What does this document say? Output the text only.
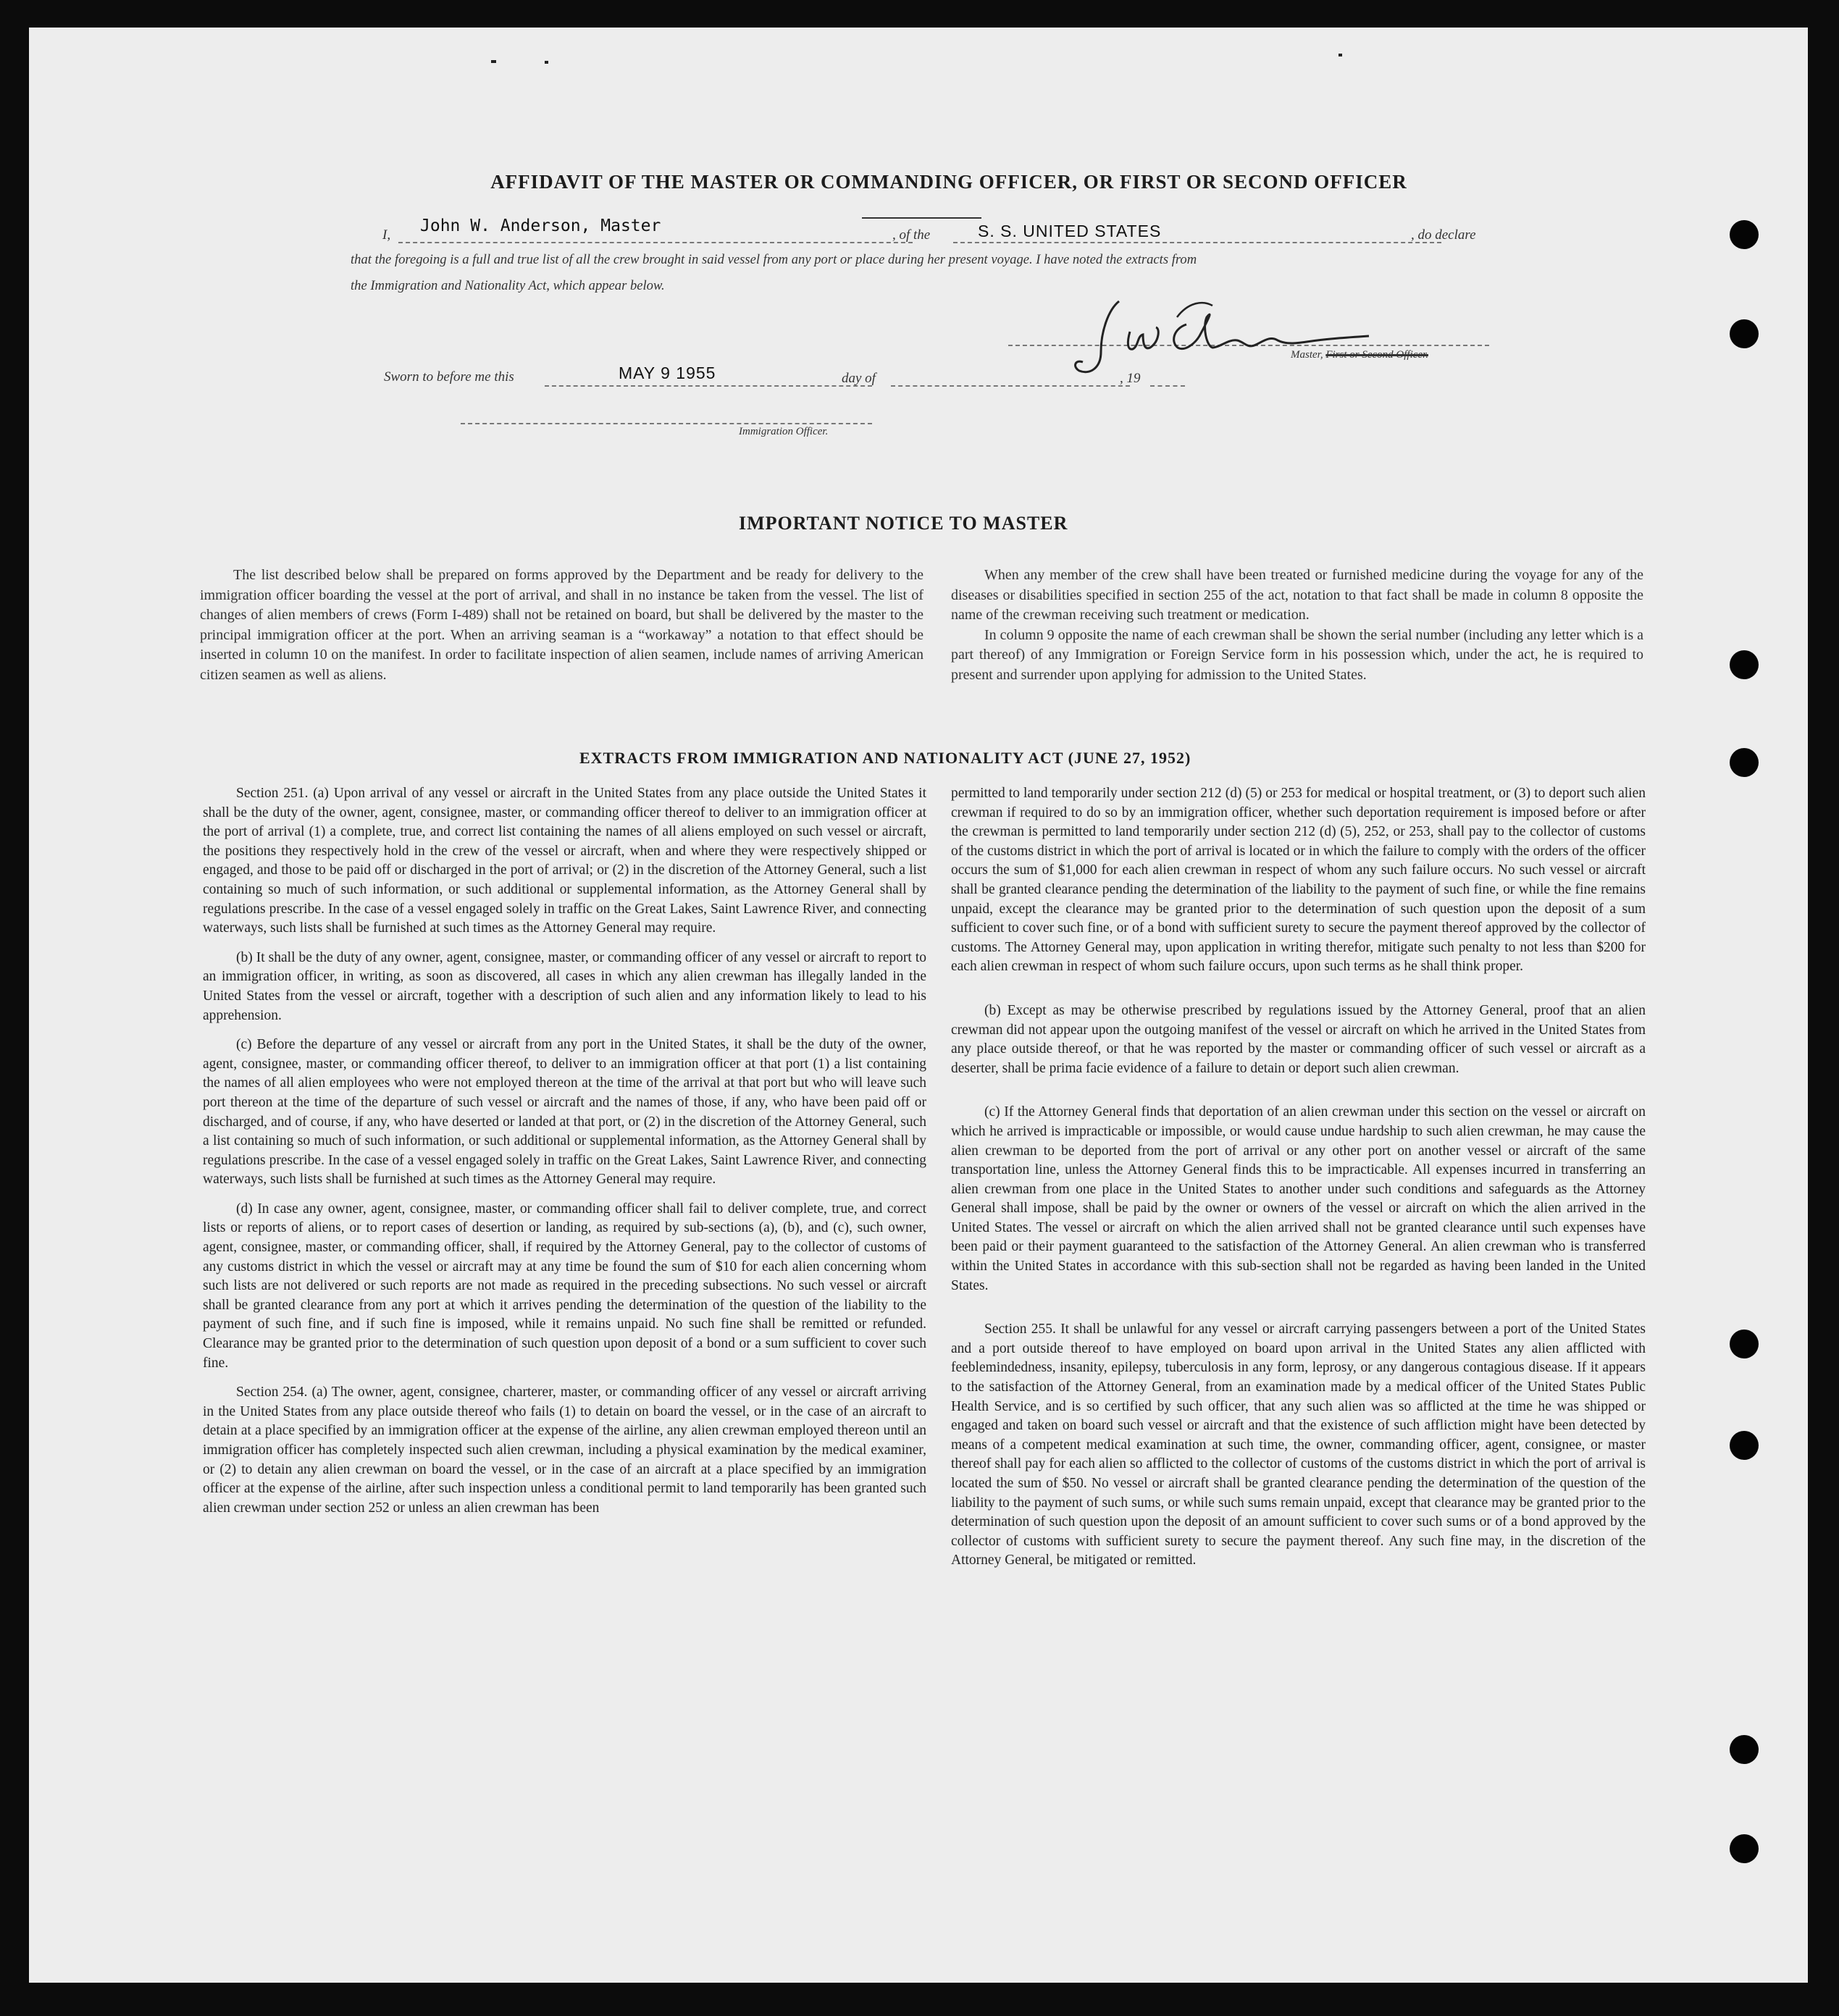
AFFIDAVIT OF THE MASTER OR COMMANDING OFFICER, OR FIRST OR SECOND OFFICER
I, John W. Anderson, Master	, of the	S. S. UNITED STATES	, do declare
that the foregoing is a full and true list of all the crew brought in said vessel from any port or place during her present voyage. I have noted the extracts from
the Immigration and Nationality Act, which appear below.
Master, First or Second Officer.
Sworn to before me this	MAY 9 1955	day of	, 19
Immigration Officer.
IMPORTANT NOTICE TO MASTER

The list described below shall be prepared on forms approved by the Department and be ready for delivery to the immigration officer boarding the vessel at the port of arrival, and shall in no instance be taken from the vessel. The list of changes of alien members of crews (Form I-489) shall not be retained on board, but shall be delivered by the master to the principal immigration officer at the port. When an arriving seaman is a “workaway” a notation to that effect should be inserted in column 10 on the manifest. In order to facilitate inspection of alien seamen, include names of arriving American citizen seamen as well as aliens.

When any member of the crew shall have been treated or furnished medicine during the voyage for any of the diseases or disabilities specified in section 255 of the act, notation to that fact shall be made in column 8 opposite the name of the crewman receiving such treatment or medication.

In column 9 opposite the name of each crewman shall be shown the serial number (including any letter which is a part thereof) of any Immigration or Foreign Service form in his possession which, under the act, he is required to present and surrender upon applying for admission to the United States.

EXTRACTS FROM IMMIGRATION AND NATIONALITY ACT (JUNE 27, 1952)

Section 251. (a) Upon arrival of any vessel or aircraft in the United States from any place outside the United States it shall be the duty of the owner, agent, consignee, master, or commanding officer thereof to deliver to an immigration officer at the port of arrival (1) a complete, true, and correct list containing the names of all aliens employed on such vessel or aircraft, the positions they respectively hold in the crew of the vessel or aircraft, when and where they were respectively shipped or engaged, and those to be paid off or discharged in the port of arrival; or (2) in the discretion of the Attorney General, such a list containing so much of such information, or such additional or supplemental information, as the Attorney General shall by regulations prescribe. In the case of a vessel engaged solely in traffic on the Great Lakes, Saint Lawrence River, and connecting waterways, such lists shall be furnished at such times as the Attorney General may require.

(b) It shall be the duty of any owner, agent, consignee, master, or commanding officer of any vessel or aircraft to report to an immigration officer, in writing, as soon as discovered, all cases in which any alien crewman has illegally landed in the United States from the vessel or aircraft, together with a description of such alien and any information likely to lead to his apprehension.

(c) Before the departure of any vessel or aircraft from any port in the United States, it shall be the duty of the owner, agent, consignee, master, or commanding officer thereof, to deliver to an immigration officer at that port (1) a list containing the names of all alien employees who were not employed thereon at the time of the arrival at that port but who will leave such port thereon at the time of the departure of such vessel or aircraft and the names of those, if any, who have been paid off or discharged, and of course, if any, who have deserted or landed at that port, or (2) in the discretion of the Attorney General, such a list containing so much of such information, or such additional or supplemental information, as the Attorney General shall by regulations prescribe. In the case of a vessel engaged solely in traffic on the Great Lakes, Saint Lawrence River, and connecting waterways, such lists shall be furnished at such times as the Attorney General may require.

(d) In case any owner, agent, consignee, master, or commanding officer shall fail to deliver complete, true, and correct lists or reports of aliens, or to report cases of desertion or landing, as required by sub-sections (a), (b), and (c), such owner, agent, consignee, master, or commanding officer, shall, if required by the Attorney General, pay to the collector of customs of any customs district in which the vessel or aircraft may at any time be found the sum of $10 for each alien concerning whom such lists are not delivered or such reports are not made as required in the preceding subsections. No such vessel or aircraft shall be granted clearance from any port at which it arrives pending the determination of the question of the liability to the payment of such fine, and if such fine is imposed, while it remains unpaid. No such fine shall be remitted or refunded. Clearance may be granted prior to the determination of such question upon deposit of a bond or a sum sufficient to cover such fine.

Section 254. (a) The owner, agent, consignee, charterer, master, or commanding officer of any vessel or aircraft arriving in the United States from any place outside thereof who fails (1) to detain on board the vessel, or in the case of an aircraft to detain at a place specified by an immigration officer at the expense of the airline, any alien crewman employed thereon until an immigration officer has completely inspected such alien crewman, including a physical examination by the medical examiner, or (2) to detain any alien crewman on board the vessel, or in the case of an aircraft at a place specified by an immigration officer at the expense of the airline, after such inspection unless a conditional permit to land temporarily has been granted such alien crewman under section 252 or unless an alien crewman has been

permitted to land temporarily under section 212 (d) (5) or 253 for medical or hospital treatment, or (3) to deport such alien crewman if required to do so by an immigration officer, whether such deportation requirement is imposed before or after the crewman is permitted to land temporarily under section 212 (d) (5), 252, or 253, shall pay to the collector of customs of the customs district in which the port of arrival is located or in which the failure to comply with the orders of the officer occurs the sum of $1,000 for each alien crewman in respect of whom any such failure occurs. No such vessel or aircraft shall be granted clearance pending the determination of the liability to the payment of such fine, or while the fine remains unpaid, except the clearance may be granted prior to the determination of such question upon the deposit of a sum sufficient to cover such fine, or of a bond with sufficient surety to secure the payment thereof approved by the collector of customs. The Attorney General may, upon application in writing therefor, mitigate such penalty to not less than $200 for each alien crewman in respect of whom such failure occurs, upon such terms as he shall think proper.

(b) Except as may be otherwise prescribed by regulations issued by the Attorney General, proof that an alien crewman did not appear upon the outgoing manifest of the vessel or aircraft on which he arrived in the United States from any place outside thereof, or that he was reported by the master or commanding officer of such vessel or aircraft as a deserter, shall be prima facie evidence of a failure to detain or deport such alien crewman.

(c) If the Attorney General finds that deportation of an alien crewman under this section on the vessel or aircraft on which he arrived is impracticable or impossible, or would cause undue hardship to such alien crewman, he may cause the alien crewman to be deported from the port of arrival or any other port on another vessel or aircraft of the same transportation line, unless the Attorney General finds this to be impracticable. All expenses incurred in transferring an alien crewman from one place in the United States to another under such conditions and safeguards as the Attorney General shall impose, shall be paid by the owner or owners of the vessel or aircraft on which the alien arrived in the United States. The vessel or aircraft on which the alien arrived shall not be granted clearance until such expenses have been paid or their payment guaranteed to the satisfaction of the Attorney General. An alien crewman who is transferred within the United States in accordance with this sub-section shall not be regarded as having been landed in the United States.

Section 255. It shall be unlawful for any vessel or aircraft carrying passengers between a port of the United States and a port outside thereof to have employed on board upon arrival in the United States any alien afflicted with feeblemindedness, insanity, epilepsy, tuberculosis in any form, leprosy, or any dangerous contagious disease. If it appears to the satisfaction of the Attorney General, from an examination made by a medical officer of the United States Public Health Service, and is so certified by such officer, that any such alien was so afflicted at the time he was shipped or engaged and taken on board such vessel or aircraft and that the existence of such affliction might have been detected by means of a competent medical examination at such time, the owner, commanding officer, agent, consignee, or master thereof shall pay for each alien so afflicted to the collector of customs of the customs district in which the port of arrival is located the sum of $50. No vessel or aircraft shall be granted clearance pending the determination of the question of the liability to the payment of such sums, or while such sums remain unpaid, except that clearance may be granted prior to the determination of such question upon the deposit of an amount sufficient to cover such sums or of a bond approved by the collector of customs with sufficient surety to secure the payment thereof. Any such fine may, in the discretion of the Attorney General, be mitigated or remitted.
